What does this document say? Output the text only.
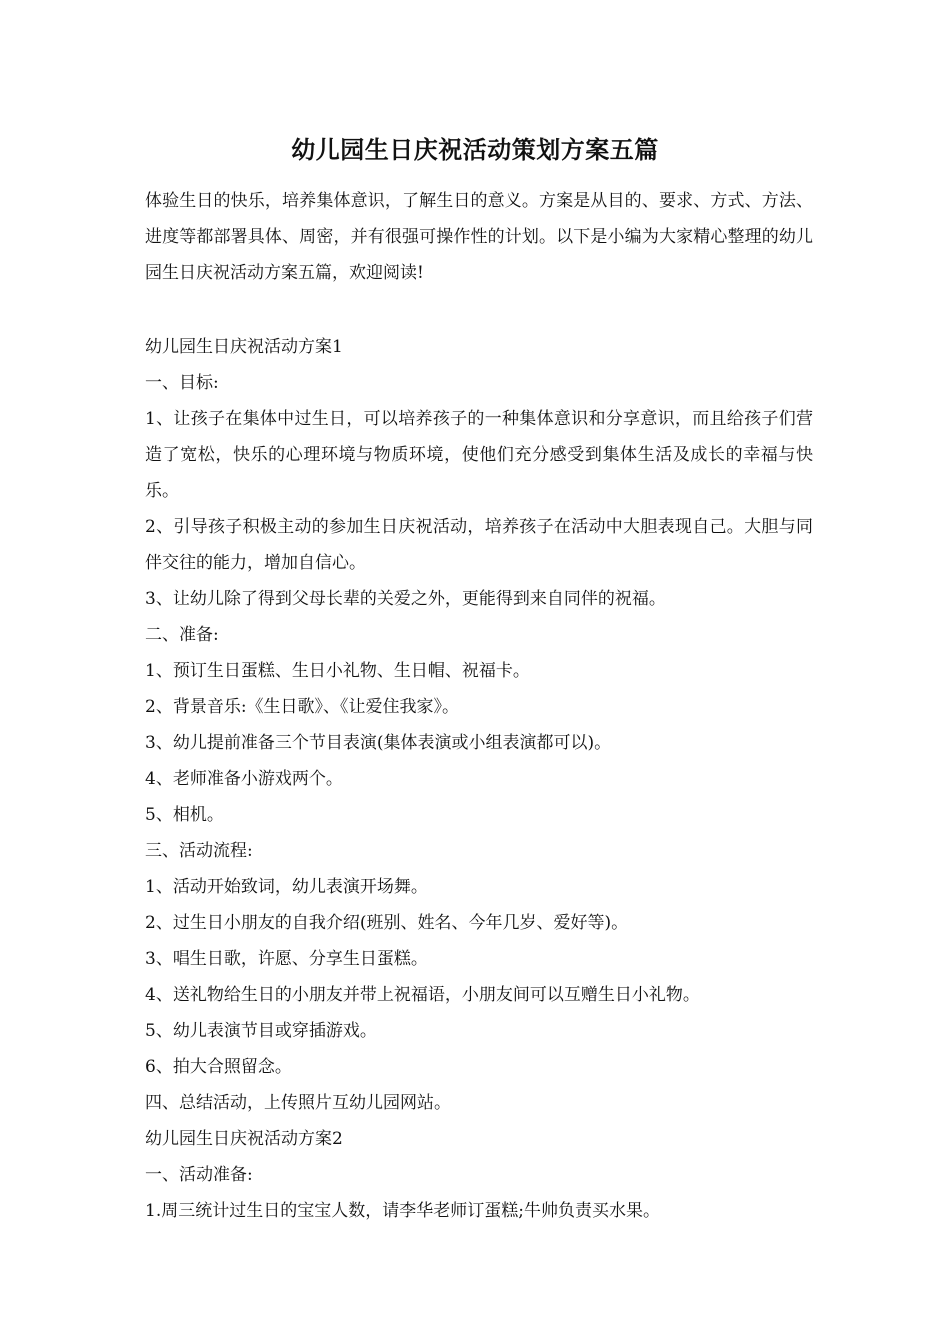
幼儿园生日庆祝活动策划方案五篇

体验生日的快乐，培养集体意识，了解生日的意义。方案是从目的、要求、方式、方法、进度等都部署具体、周密，并有很强可操作性的计划。以下是小编为大家精心整理的幼儿园生日庆祝活动方案五篇，欢迎阅读!

幼儿园生日庆祝活动方案1

一、目标:

1、让孩子在集体中过生日，可以培养孩子的一种集体意识和分享意识，而且给孩子们营造了宽松，快乐的心理环境与物质环境，使他们充分感受到集体生活及成长的幸福与快乐。

2、引导孩子积极主动的参加生日庆祝活动，培养孩子在活动中大胆表现自己。大胆与同伴交往的能力，增加自信心。

3、让幼儿除了得到父母长辈的关爱之外，更能得到来自同伴的祝福。

二、准备:

1、预订生日蛋糕、生日小礼物、生日帽、祝福卡。

2、背景音乐:《生日歌》、《让爱住我家》。

3、幼儿提前准备三个节目表演(集体表演或小组表演都可以)。

4、老师准备小游戏两个。

5、相机。

三、活动流程:

1、活动开始致词，幼儿表演开场舞。

2、过生日小朋友的自我介绍(班别、姓名、今年几岁、爱好等)。

3、唱生日歌，许愿、分享生日蛋糕。

4、送礼物给生日的小朋友并带上祝福语，小朋友间可以互赠生日小礼物。

5、幼儿表演节目或穿插游戏。

6、拍大合照留念。

四、总结活动，上传照片互幼儿园网站。

幼儿园生日庆祝活动方案2

一、活动准备:

1.周三统计过生日的宝宝人数，请李华老师订蛋糕;牛帅负责买水果。
